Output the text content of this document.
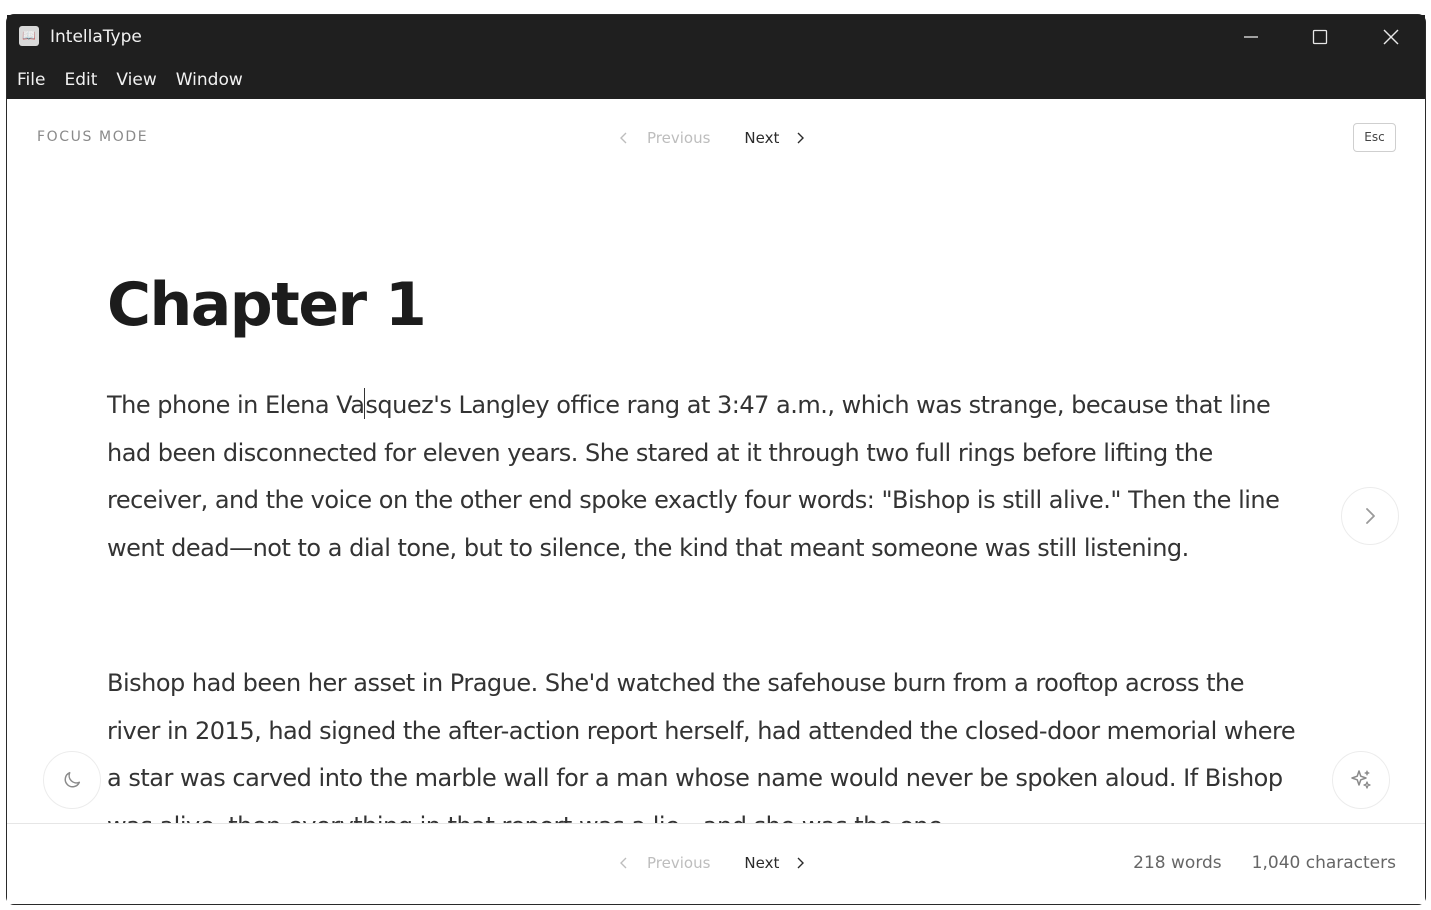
📖 IntellaType
File	Edit	View	Window
FOCUS MODE	Previous Next	Esc
Chapter 1

The phone in Elena Vasquez's Langley office rang at 3:47 a.m., which was strange, because that line had been disconnected for eleven years. She stared at it through two full rings before lifting the receiver, and the voice on the other end spoke exactly four words: "Bishop is still alive." Then the line went dead—not to a dial tone, but to silence, the kind that meant someone was still listening.

Bishop had been her asset in Prague. She'd watched the safehouse burn from a rooftop across the river in 2015, had signed the after-action report herself, had attended the closed-door memorial where a star was carved into the marble wall for a man whose name would never be spoken aloud. If Bishop

Previous Next	218 words 1,040 characters
